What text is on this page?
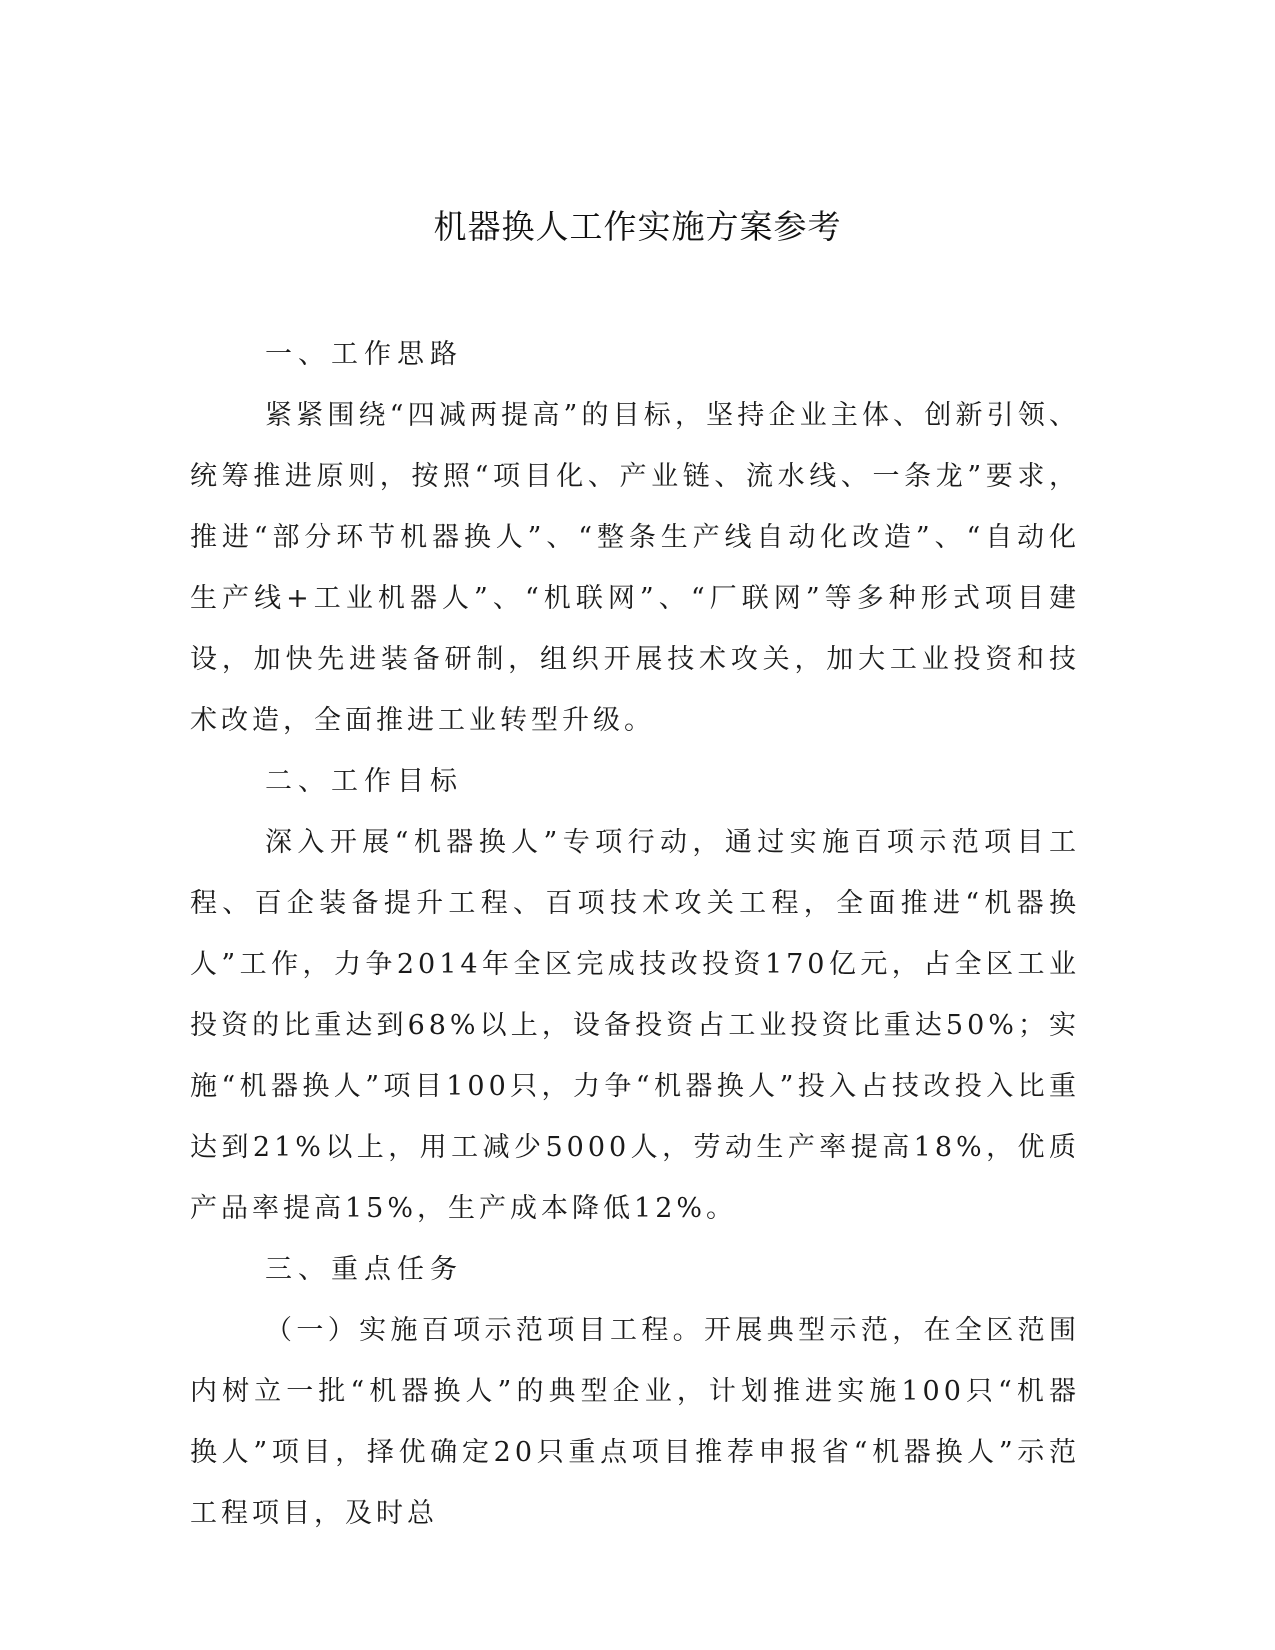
机器换人工作实施方案参考

一、工作思路

紧紧围绕“四减两提高”的目标，坚持企业主体、创新引领、统筹推进原则，按照“项目化、产业链、流水线、一条龙”要求，推进“部分环节机器换人”、“整条生产线自动化改造”、“自动化生产线+工业机器人”、“机联网”、“厂联网”等多种形式项目建设，加快先进装备研制，组织开展技术攻关，加大工业投资和技术改造，全面推进工业转型升级。

二、工作目标

深入开展“机器换人”专项行动，通过实施百项示范项目工程、百企装备提升工程、百项技术攻关工程，全面推进“机器换人”工作，力争2014年全区完成技改投资170亿元，占全区工业投资的比重达到68%以上，设备投资占工业投资比重达50%；实施“机器换人”项目100只，力争“机器换人”投入占技改投入比重达到21%以上，用工减少5000人，劳动生产率提高18%，优质产品率提高15%，生产成本降低12%。

三、重点任务

（一）实施百项示范项目工程。开展典型示范，在全区范围内树立一批“机器换人”的典型企业，计划推进实施100只“机器换人”项目，择优确定20只重点项目推荐申报省“机器换人”示范工程项目，及时总
